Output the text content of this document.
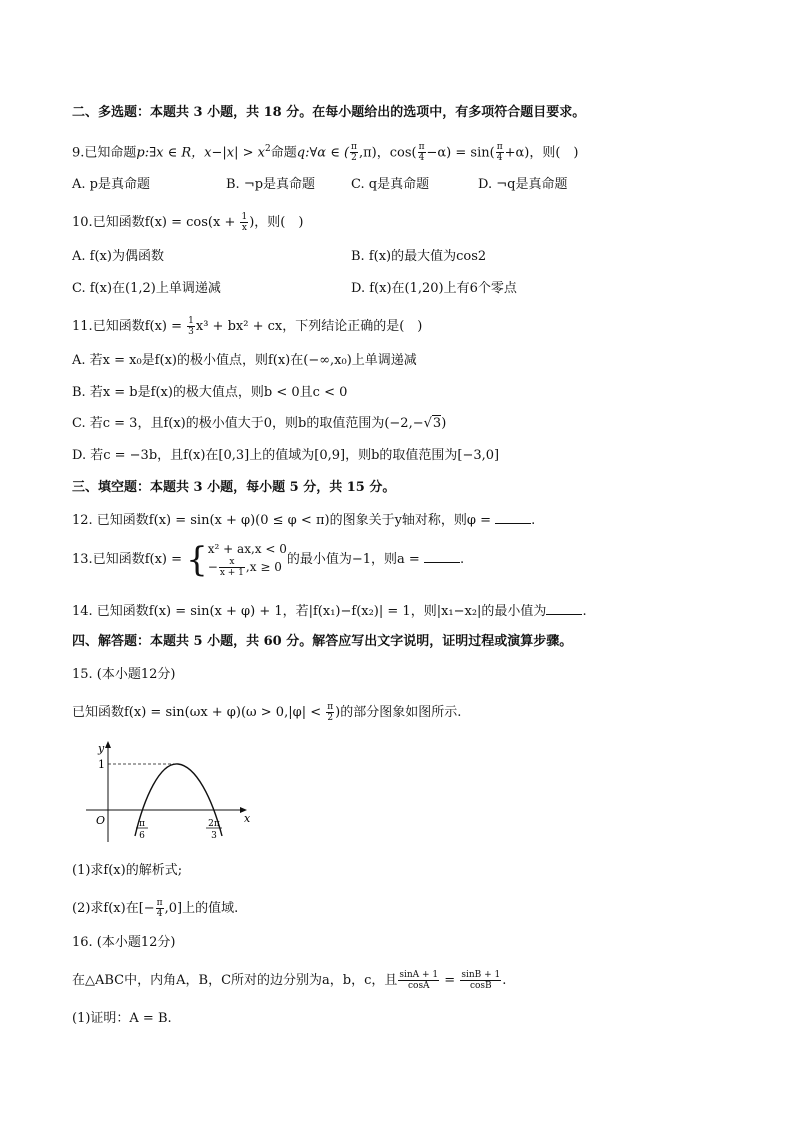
二、多选题：本题共 3 小题，共 18 分。在每小题给出的选项中，有多项符合题目要求。
9.已知命题p:∃x ∈ R，$x-|x| > x^2$命题q:∀α ∈ ( $\frac{\pi}{2} ,\pi$)，$\cos( \frac{\pi}{4} -\alpha) = \sin( \frac{\pi}{4} +\alpha)$，则(　)
A. p是真命题	B. ¬p是真命题	C. q是真命题	D. ¬q是真命题
10.已知函数$f(x) = \cos(x + \frac{1}{x}$ )，则(　)
A. f(x)为偶函数	B. f(x)的最大值为cos2
C. f(x)在(1,2)上单调递减	D. f(x)在(1,20)上有6个零点
11.已知函数$f(x) = \frac{1}{3} x^3 + bx^2$ + cx，下列结论正确的是(　)
A. 若x = x₀是f(x)的极小值点，则f(x)在(−∞,x₀)上单调递减
B. 若x = b是f(x)的极大值点，则b < 0且c < 0
C. 若c = 3，且f(x)的极小值大于0，则b的取值范围为(−2,−√3)
D. 若c = −3b，且f(x)在[0,3]上的值域为[0,9]，则b的取值范围为[−3,0]
三、填空题：本题共 3 小题，每小题 5 分，共 15 分。
12. 已知函数f(x) = sin(x + φ)(0 ≤ φ < π)的图象关于y轴对称，则φ =	.
13.已知函数f(x) = { x² + ax,x < 0
− $\frac{x}{x + 1} ,x \ge 0$ 的最小值为−1，则a =	.
14. 已知函数f(x) = sin(x + φ) + 1，若|f(x₁)−f(x₂)| = 1，则|x₁−x₂|的最小值为	.
四、解答题：本题共 5 小题，共 60 分。解答应写出文字说明，证明过程或演算步骤。
15. (本小题12分)
已知函数$f(x) = \sin(\omega x + \varphi)(\omega > 0,|\varphi| < \frac{\pi}{2}$ )的部分图象如图所示.
y
x
O
1
π
6
2π
3
(1)求f(x)的解析式;
(2)求f(x)在[− $\frac{\pi}{4} ,0$]上的值域.
16. (本小题12分)
在△ABC中，内角A，B，C所对的边分别为a，b，c，且 $\frac{\sin A + 1}{\cos A} = \frac{\sin B + 1}{\cos B}$ .
(1)证明：A = B.
